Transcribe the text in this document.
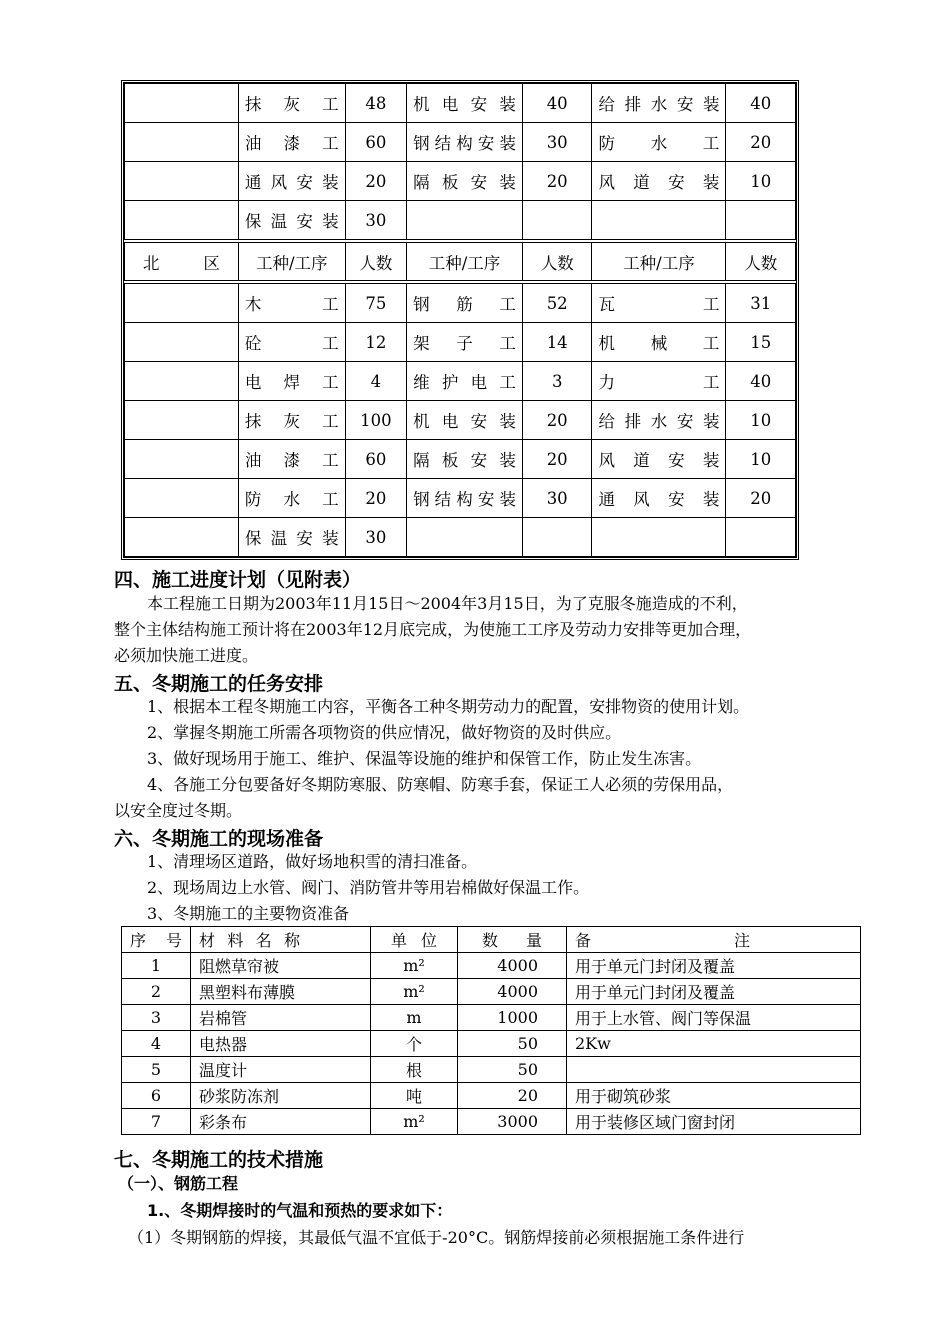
	抹 灰 工	48	机 电 安 装	40	给排水安装	40
	油 漆 工	60	钢结构安装	30	防 水 工	20
	通 风 安 装	20	隔 板 安 装	20	风 道 安 装	10
	保 温 安 装	30				
北区	工种/工序	人数	工种/工序	人数	工种/工序	人数
	木工	75	钢 筋 工	52	瓦工	31
	砼工	12	架 子 工	14	机 械 工	15
	电 焊 工	4	维 护 电 工	3	力工	40
	抹 灰 工	100	机 电 安 装	20	给排水安装	10
	油 漆 工	60	隔 板 安 装	20	风 道 安 装	10
	防 水 工	20	钢结构安装	30	通 风 安 装	20
	保 温 安 装	30				
四、施工进度计划（见附表）
本工程施工日期为2003年11月15日～2004年3月15日，为了克服冬施造成的不利，
整个主体结构施工预计将在2003年12月底完成，为使施工工序及劳动力安排等更加合理，
必须加快施工进度。
五、冬期施工的任务安排
1、根据本工程冬期施工内容，平衡各工种冬期劳动力的配置，安排物资的使用计划。
2、掌握冬期施工所需各项物资的供应情况，做好物资的及时供应。
3、做好现场用于施工、维护、保温等设施的维护和保管工作，防止发生冻害。
4、各施工分包要备好冬期防寒服、防寒帽、防寒手套，保证工人必须的劳保用品，
以安全度过冬期。
六、冬期施工的现场准备
1、清理场区道路，做好场地积雪的清扫准备。
2、现场周边上水管、阀门、消防管井等用岩棉做好保温工作。
3、冬期施工的主要物资准备
序号	材料名称	单位	数量	备注
1	阻燃草帘被	m²	4000	用于单元门封闭及覆盖
2	黑塑料布薄膜	m²	4000	用于单元门封闭及覆盖
3	岩棉管	m	1000	用于上水管、阀门等保温
4	电热器	个	50	2Kw
5	温度计	根	50	
6	砂浆防冻剂	吨	20	用于砌筑砂浆
7	彩条布	m²	3000	用于装修区域门窗封闭
七、冬期施工的技术措施
（一）、钢筋工程
1.、冬期焊接时的气温和预热的要求如下：
（1）冬期钢筋的焊接，其最低气温不宜低于-20°C。钢筋焊接前必须根据施工条件进行
